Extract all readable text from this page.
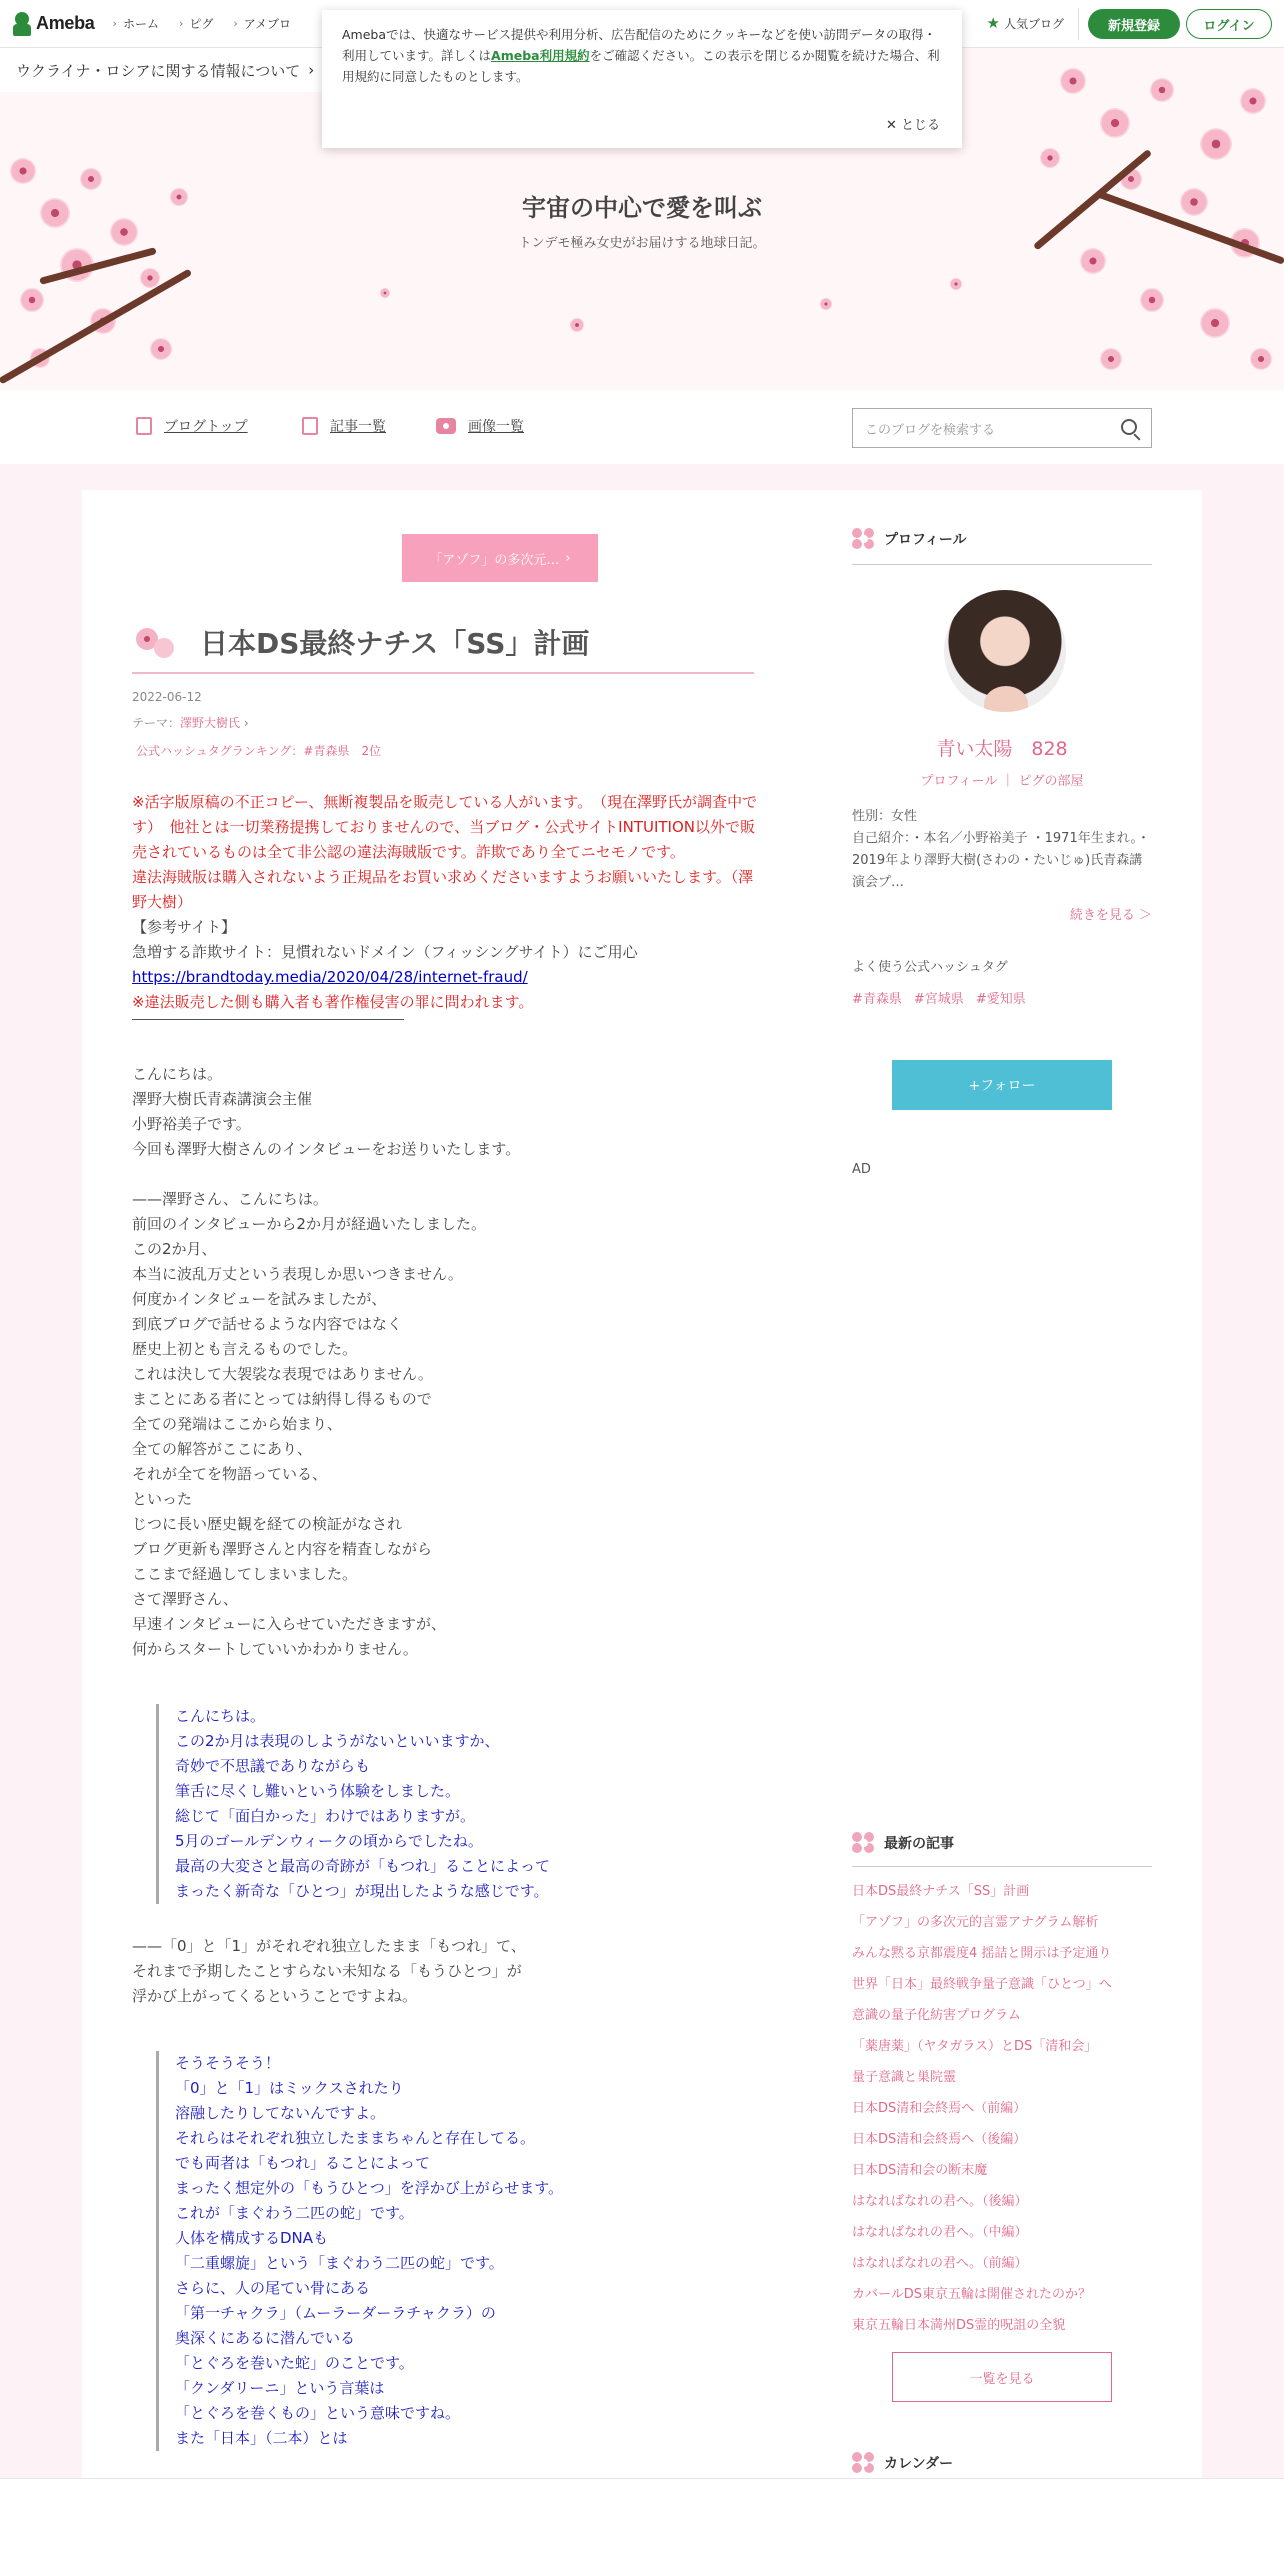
Ameba › ホーム › ピグ › アメブロ	★ 人気ブログ	新規登録	ログイン
ウクライナ・ロシアに関する情報について ›
宇宙の中心で愛を叫ぶ
トンデモ極み女史がお届けする地球日記。
Amebaでは、快適なサービス提供や利用分析、広告配信のためにクッキーなどを使い訪問データの取得・利用しています。詳しくはAmeba利用規約をご確認ください。この表示を閉じるか閲覧を続けた場合、利用規約に同意したものとします。
✕ とじる
ブログトップ	記事一覧	画像一覧	このブログを検索する
「アゾフ」の多次元… ›
日本DS最終ナチス「SS」計画
2022-06-12
テーマ：澤野大樹氏 ›
公式ハッシュタグランキング：#青森県　 2位
※活字版原稿の不正コピー、無断複製品を販売している人がいます。　（現在澤野氏が調査中です）　他社とは一切業務提携しておりませんので、当ブログ・公式サイトINTUITION以外で販売されているものは全て非公認の違法海賊版です。詐欺であり全てニセモノです。
違法海賊版は購入されないよう正規品をお買い求めくださいますようお願いいたします。（澤野大樹）
【参考サイト】
急増する詐欺サイト：見慣れないドメイン（フィッシングサイト）にご用心
https://brandtoday.media/2020/04/28/internet-fraud/
※違法販売した側も購入者も著作権侵害の罪に問われます。
こんにちは。
澤野大樹氏青森講演会主催
小野裕美子です。
今回も澤野大樹さんのインタビューをお送りいたします。
——澤野さん、こんにちは。
前回のインタビューから2か月が経過いたしました。
この2か月、
本当に波乱万丈という表現しか思いつきません。
何度かインタビューを試みましたが、
到底ブログで話せるような内容ではなく
歴史上初とも言えるものでした。
これは決して大袈裟な表現ではありません。
まことにある者にとっては納得し得るもので
全ての発端はここから始まり、
全ての解答がここにあり、
それが全てを物語っている、
といった
じつに長い歴史観を経ての検証がなされ
ブログ更新も澤野さんと内容を精査しながら
ここまで経過してしまいました。
さて澤野さん、
早速インタビューに入らせていただきますが、
何からスタートしていいかわかりません。
こんにちは。
この2か月は表現のしようがないといいますか、
奇妙で不思議でありながらも
筆舌に尽くし難いという体験をしました。
総じて「面白かった」わけではありますが。
5月のゴールデンウィークの頃からでしたね。
最高の大変さと最高の奇跡が「もつれ」ることによって
まったく新奇な「ひとつ」が現出したような感じです。
——「0」と「1」がそれぞれ独立したまま「もつれ」て、
それまで予期したことすらない未知なる「もうひとつ」が
浮かび上がってくるということですよね。
そうそうそう！
「0」と「1」はミックスされたり
溶融したりしてないんですよ。
それらはそれぞれ独立したままちゃんと存在してる。
でも両者は「もつれ」ることによって
まったく想定外の「もうひとつ」を浮かび上がらせます。
これが「まぐわう二匹の蛇」です。
人体を構成するDNAも
「二重螺旋」という「まぐわう二匹の蛇」です。
さらに、人の尾てい骨にある
「第一チャクラ」（ムーラーダーラチャクラ）の
奥深くにあるに潜んでいる
「とぐろを巻いた蛇」のことです。
「クンダリーニ」という言葉は
「とぐろを巻くもの」という意味ですね。
また「日本」（二本）とは
プロフィール
青い太陽　828
プロフィール ｜ ピグの部屋
性別：女性
自己紹介：・本名／小野裕美子 ・1971年生まれ。・2019年より澤野大樹(さわの・たいじゅ)氏青森講演会プ…
続きを見る ＞
よく使う公式ハッシュタグ
#青森県 #宮城県 #愛知県
+フォロー
AD
最新の記事
日本DS最終ナチス「SS」計画
「アゾフ」の多次元的言霊アナグラム解析
みんな黙る京都震度4 揺詰と開示は予定通り
世界「日本」最終戦争量子意識「ひとつ」へ
意識の量子化紡害プログラム
「薬唐薬」（ヤタガラス）とDS「清和会」
量子意識と巣院靈
日本DS清和会終焉へ（前編）
日本DS清和会終焉へ（後編）
日本DS清和会の断末魔
はなればなれの君へ。（後編）
はなればなれの君へ。（中編）
はなればなれの君へ。（前編）
カバールDS東京五輪は開催されたのか？
東京五輪日本満州DS霊的呪詛の全貌
一覧を見る
カレンダー
